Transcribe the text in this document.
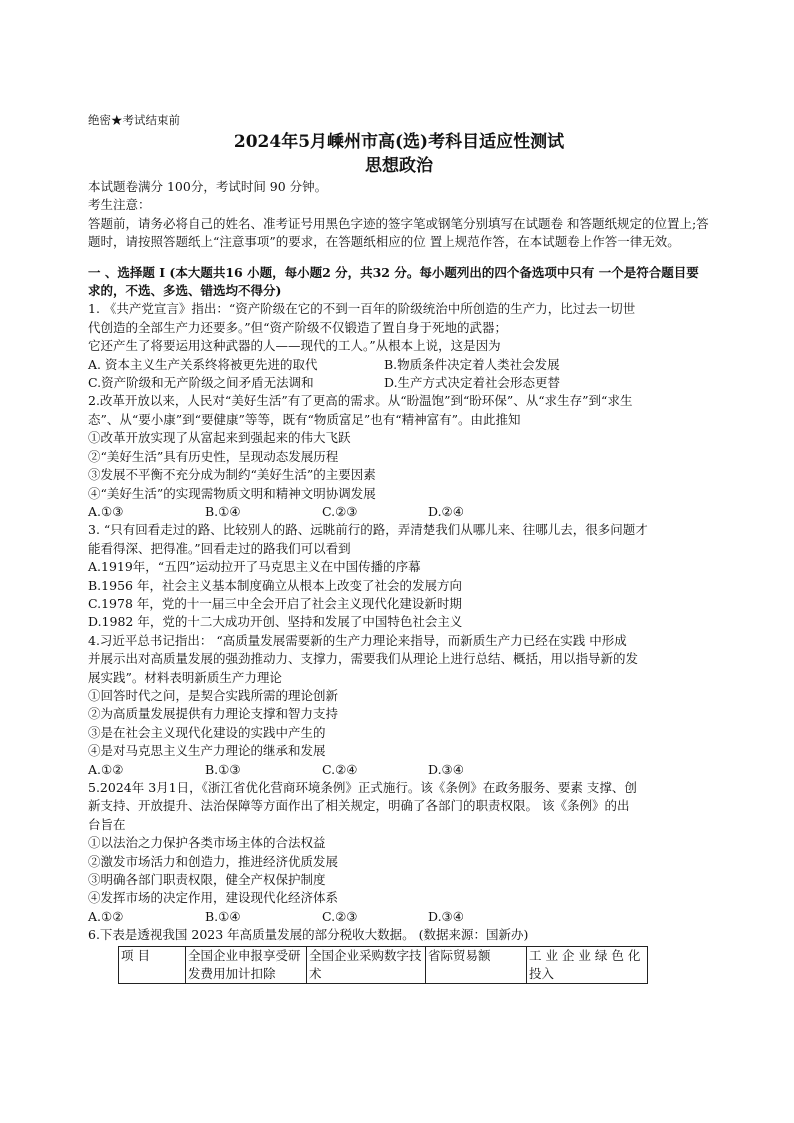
绝密★考试结束前
2024年5月嵊州市高(选)考科目适应性测试
思想政治
本试题卷满分 100分，考试时间 90 分钟。
考生注意：
答题前，请务必将自己的姓名、准考证号用黑色字迹的签字笔或钢笔分别填写在试题卷 和答题纸规定的位置上;答题时，请按照答题纸上“注意事项”的要求，在答题纸相应的位 置上规范作答，在本试题卷上作答一律无效。
一 、选择题 I (本大题共16 小题，每小题2 分，共32 分。每小题列出的四个备选项中只有 一个是符合题目要求的，不选、多选、错选均不得分)
1. 《共产党宣言》指出：“资产阶级在它的不到一百年的阶级统治中所创造的生产力，比过去一切世
代创造的全部生产力还要多。”但“资产阶级不仅锻造了置自身于死地的武器；
它还产生了将要运用这种武器的人——现代的工人。”从根本上说，这是因为
A. 资本主义生产关系终将被更先进的取代	B.物质条件决定着人类社会发展
C.资产阶级和无产阶级之间矛盾无法调和	D.生产方式决定着社会形态更替
2.改革开放以来，人民对“美好生活”有了更高的需求。从“盼温饱”到“盼环保”、从“求生存”到“求生
态”、从“要小康”到“要健康”等等，既有“物质富足”也有“精神富有”。由此推知
①改革开放实现了从富起来到强起来的伟大飞跃
②“美好生活”具有历史性，呈现动态发展历程
③发展不平衡不充分成为制约“美好生活”的主要因素
④“美好生活”的实现需物质文明和精神文明协调发展
A.①③	B.①④	C.②③	D.②④
3. “只有回看走过的路、比较别人的路、远眺前行的路，弄清楚我们从哪儿来、往哪儿去，很多问题才
能看得深、把得准。”回看走过的路我们可以看到
A.1919年，“五四”运动拉开了马克思主义在中国传播的序幕
B.1956 年，社会主义基本制度确立从根本上改变了社会的发展方向
C.1978 年，党的十一届三中全会开启了社会主义现代化建设新时期
D.1982 年，党的十二大成功开创、坚持和发展了中国特色社会主义
4.习近平总书记指出： “高质量发展需要新的生产力理论来指导，而新质生产力已经在实践 中形成
并展示出对高质量发展的强劲推动力、支撑力，需要我们从理论上进行总结、概括，用以指导新的发
展实践”。材料表明新质生产力理论
①回答时代之问，是契合实践所需的理论创新
②为高质量发展提供有力理论支撑和智力支持
③是在社会主义现代化建设的实践中产生的
④是对马克思主义生产力理论的继承和发展
A.①②	B.①③	C.②④	D.③④
5.2024年 3月1日，《浙江省优化营商环境条例》正式施行。该《条例》在政务服务、要素 支撑、创
新支持、开放提升、法治保障等方面作出了相关规定，明确了各部门的职责权限。 该《条例》的出
台旨在
①以法治之力保护各类市场主体的合法权益
②激发市场活力和创造力，推进经济优质发展
③明确各部门职责权限，健全产权保护制度
④发挥市场的决定作用，建设现代化经济体系
A.①②	B.①④	C.②③	D.③④
6.下表是透视我国 2023 年高质量发展的部分税收大数据。 (数据来源：国新办)
项 目	全国企业申报享受研发费用加计扣除	全国企业采购数字技术	省际贸易额	工 业 企 业 绿 色 化 投入
